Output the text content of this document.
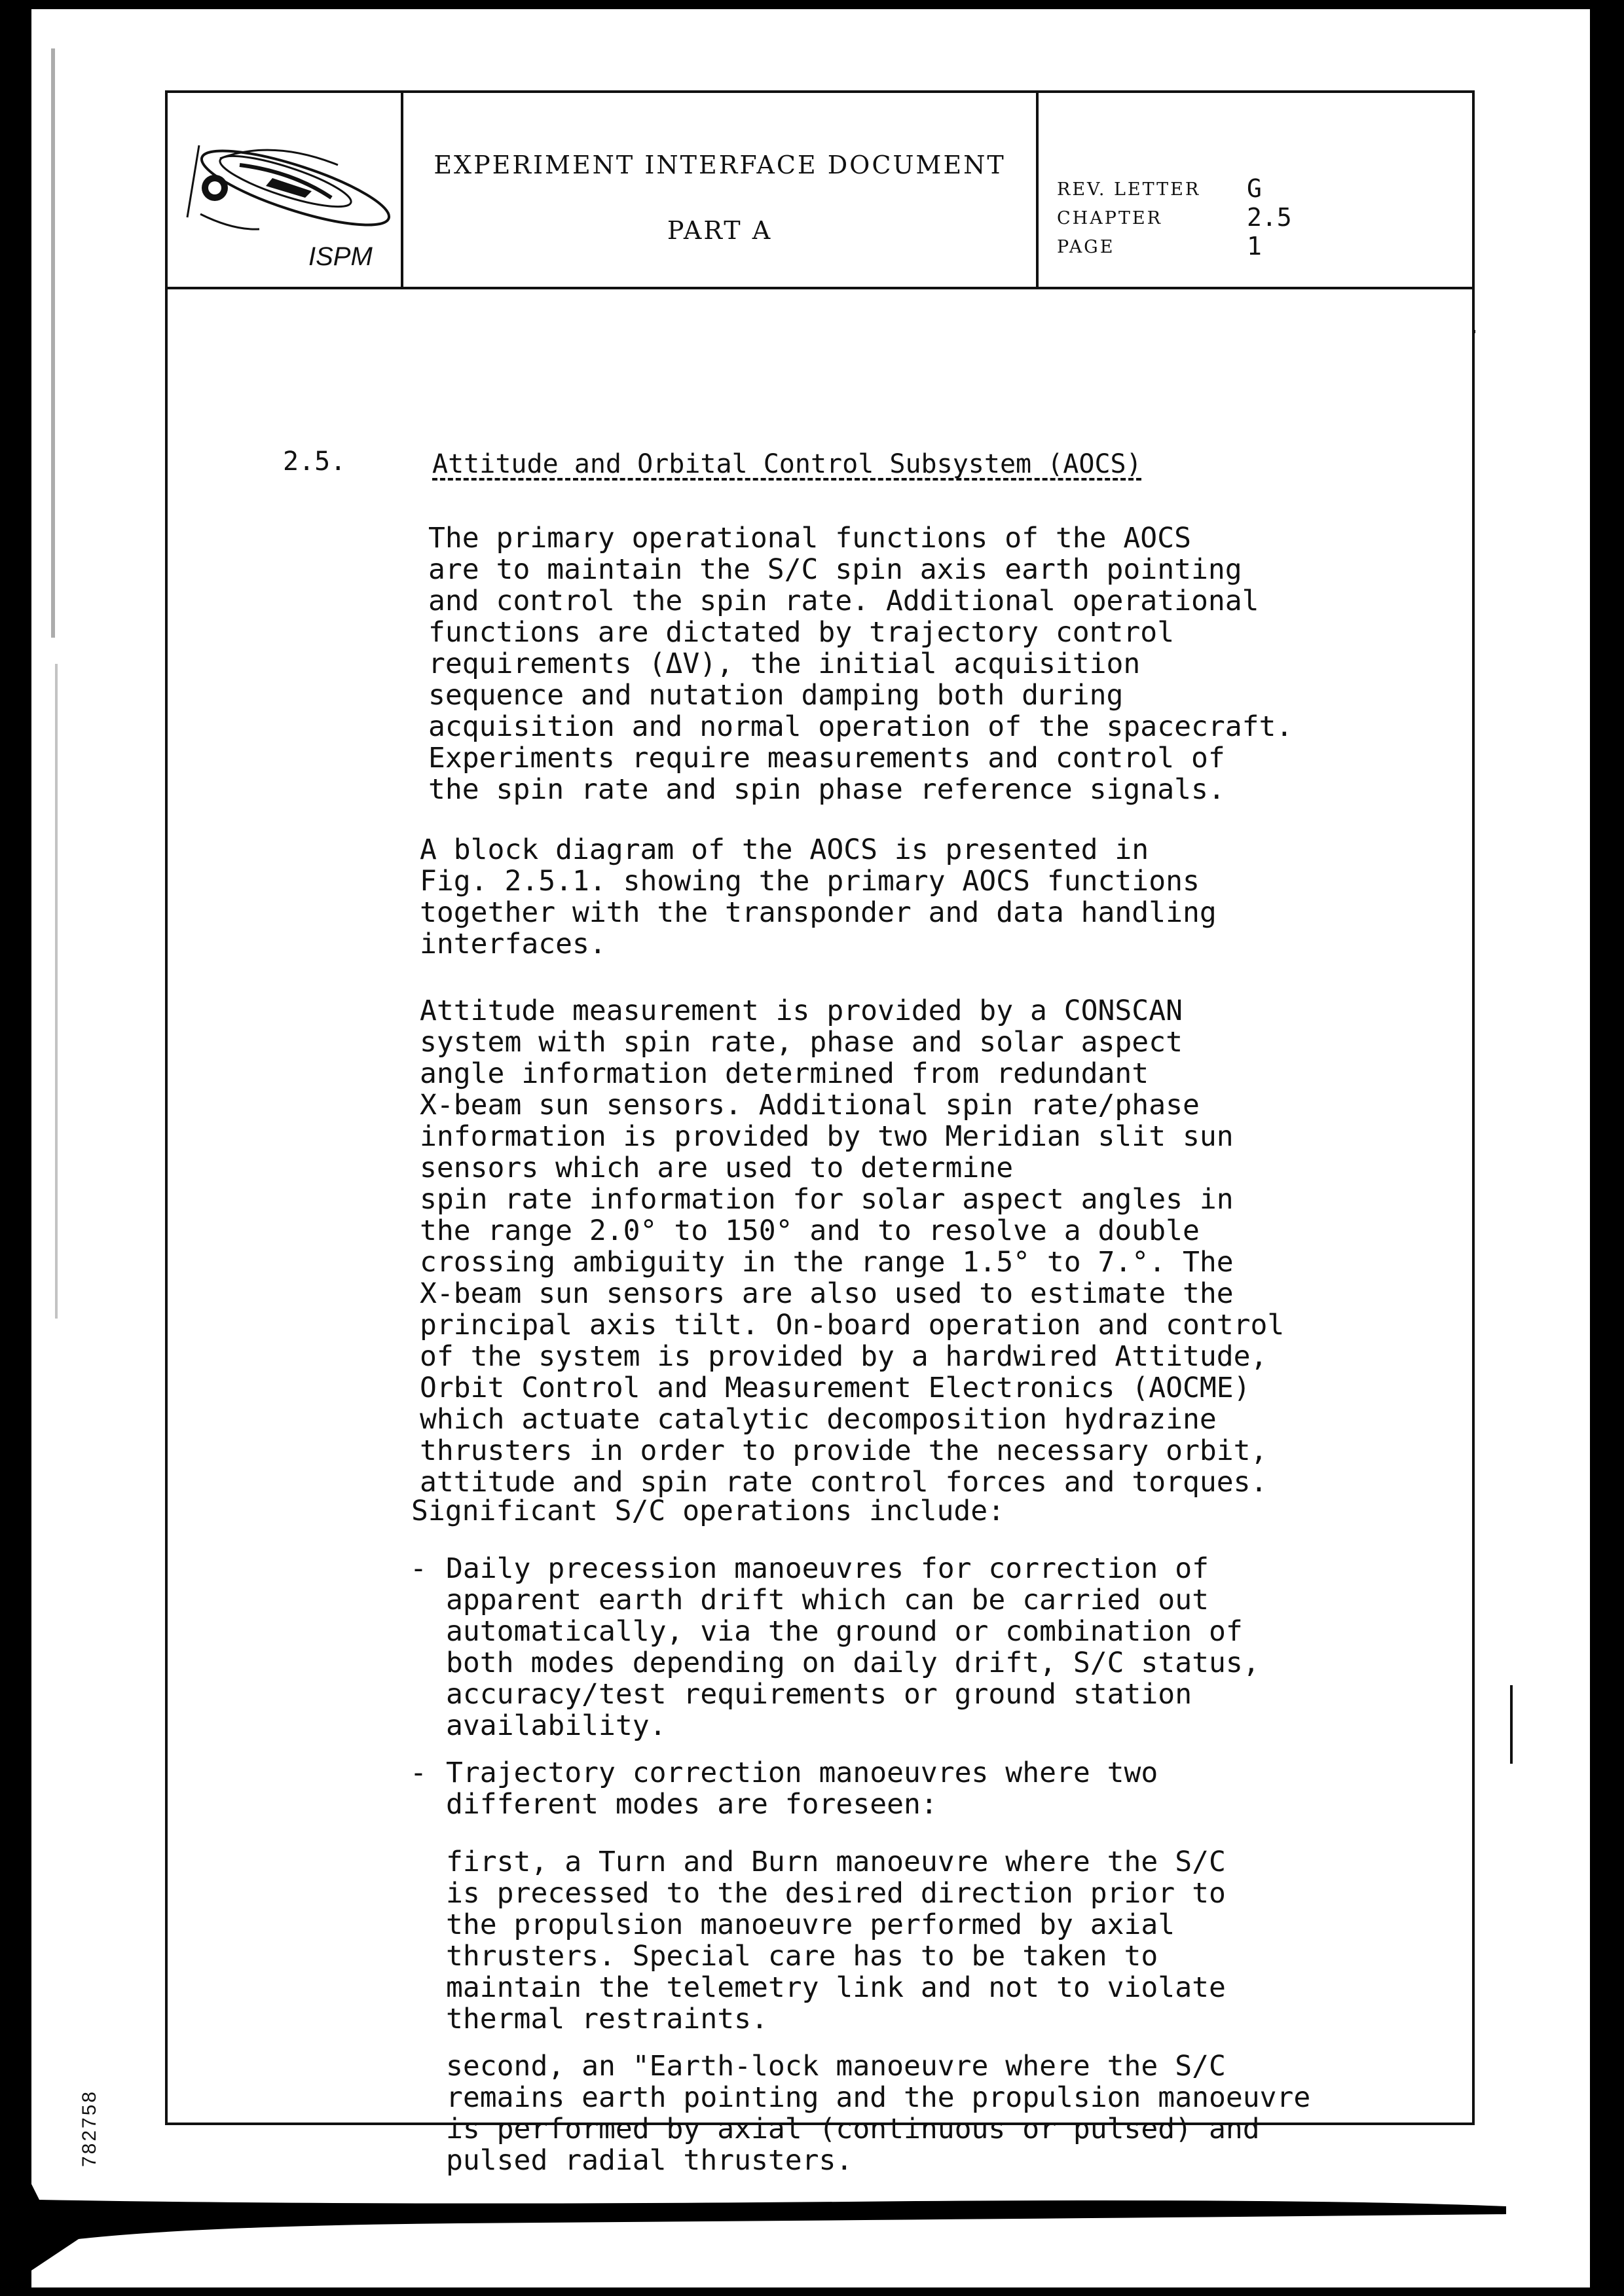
ISPM
EXPERIMENT INTERFACE DOCUMENT
PART A
REV. LETTER	G
CHAPTER	2.5
PAGE	1
2.5.	Attitude and Orbital Control Subsystem (AOCS)

The primary operational functions of the AOCS
are to maintain the S/C spin axis earth pointing
and control the spin rate. Additional operational
functions are dictated by trajectory control
requirements (ΔV), the initial acquisition
sequence and nutation damping both during
acquisition and normal operation of the spacecraft.
Experiments require measurements and control of
the spin rate and spin phase reference signals.

A block diagram of the AOCS is presented in
Fig. 2.5.1. showing the primary AOCS functions
together with the transponder and data handling
interfaces.

Attitude measurement is provided by a CONSCAN
system with spin rate, phase and solar aspect
angle information determined from redundant
X-beam sun sensors. Additional spin rate/phase
information is provided by two Meridian slit sun
sensors which are used to determine
spin rate information for solar aspect angles in
the range 2.0° to 150° and to resolve a double
crossing ambiguity in the range 1.5° to 7.°. The
X-beam sun sensors are also used to estimate the
principal axis tilt. On-board operation and control
of the system is provided by a hardwired Attitude,
Orbit Control and Measurement Electronics (AOCME)
which actuate catalytic decomposition hydrazine
thrusters in order to provide the necessary orbit,
attitude and spin rate control forces and torques.

Significant S/C operations include:

- Daily precession manoeuvres for correction of
apparent earth drift which can be carried out
automatically, via the ground or combination of
both modes depending on daily drift, S/C status,
accuracy/test requirements or ground station
availability.

- Trajectory correction manoeuvres where two
different modes are foreseen:

first, a Turn and Burn manoeuvre where the S/C
is precessed to the desired direction prior to
the propulsion manoeuvre performed by axial
thrusters. Special care has to be taken to
maintain the telemetry link and not to violate
thermal restraints.

second, an "Earth-lock manoeuvre where the S/C
remains earth pointing and the propulsion manoeuvre
is performed by axial (continuous or pulsed) and
pulsed radial thrusters.

782758
